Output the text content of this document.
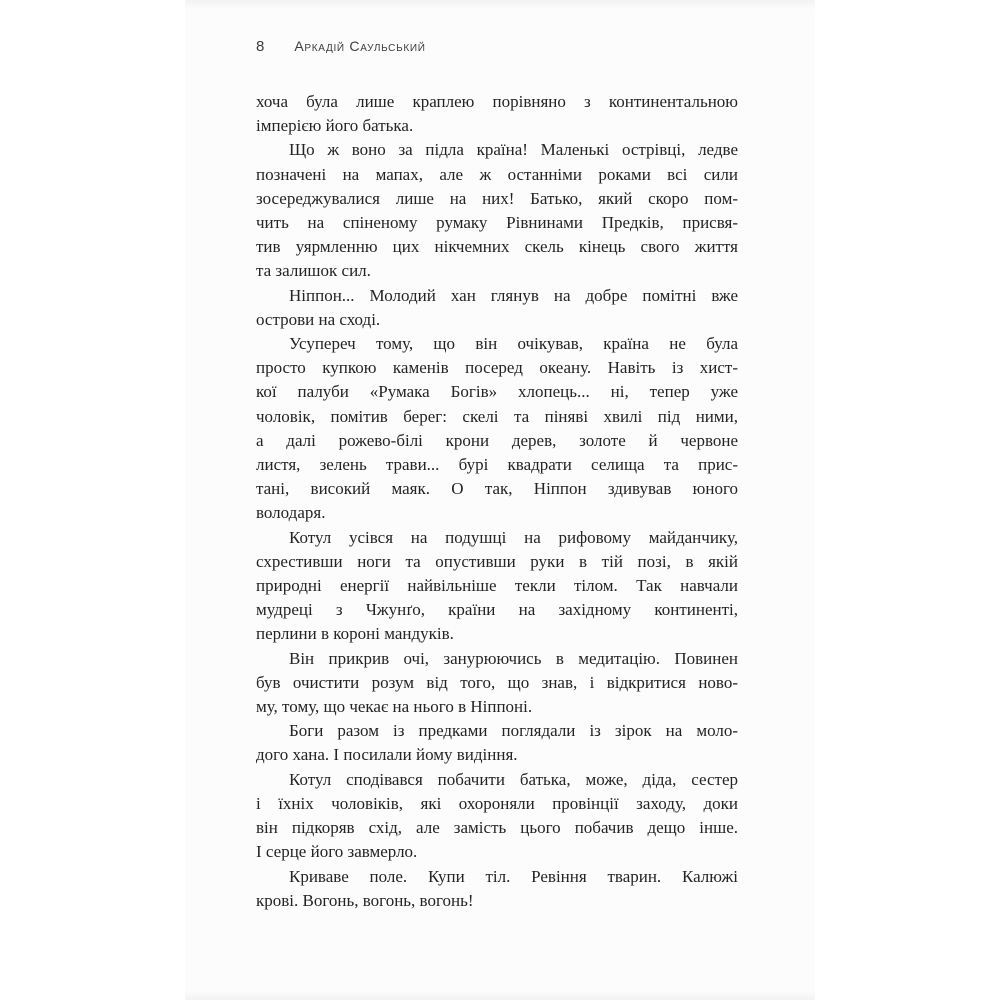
8 Аркадій Саульський
хоча була лише краплею порівняно з континентальною
імперією його батька.
Що ж воно за підла країна! Маленькі острівці, ледве
позначені на мапах, але ж останніми роками всі сили
зосереджувалися лише на них! Батько, який скоро пом-
чить на спіненому румаку Рівнинами Предків, присвя-
тив уярмленню цих нікчемних скель кінець свого життя
та залишок сил.
Ніппон... Молодий хан глянув на добре помітні вже
острови на сході.
Усупереч тому, що він очікував, країна не була
просто купкою каменів посеред океану. Навіть із хист-
кої палуби «Румака Богів» хлопець... ні, тепер уже
чоловік, помітив берег: скелі та піняві хвилі під ними,
а далі рожево-білі крони дерев, золоте й червоне
листя, зелень трави... бурі квадрати селища та прис-
тані, високий маяк. О так, Ніппон здивував юного
володаря.
Котул усівся на подушці на рифовому майданчику,
схрестивши ноги та опустивши руки в тій позі, в якій
природні енергії найвільніше текли тілом. Так навчали
мудреці з Чжунґо, країни на західному континенті,
перлини в короні мандуків.
Він прикрив очі, занурюючись в медитацію. Повинен
був очистити розум від того, що знав, і відкритися ново-
му, тому, що чекає на нього в Ніппоні.
Боги разом із предками поглядали із зірок на моло-
дого хана. І посилали йому видіння.
Котул сподівався побачити батька, може, діда, сестер
і їхніх чоловіків, які охороняли провінції заходу, доки
він підкоряв схід, але замість цього побачив дещо інше.
І серце його завмерло.
Криваве поле. Купи тіл. Ревіння тварин. Калюжі
крові. Вогонь, вогонь, вогонь!
